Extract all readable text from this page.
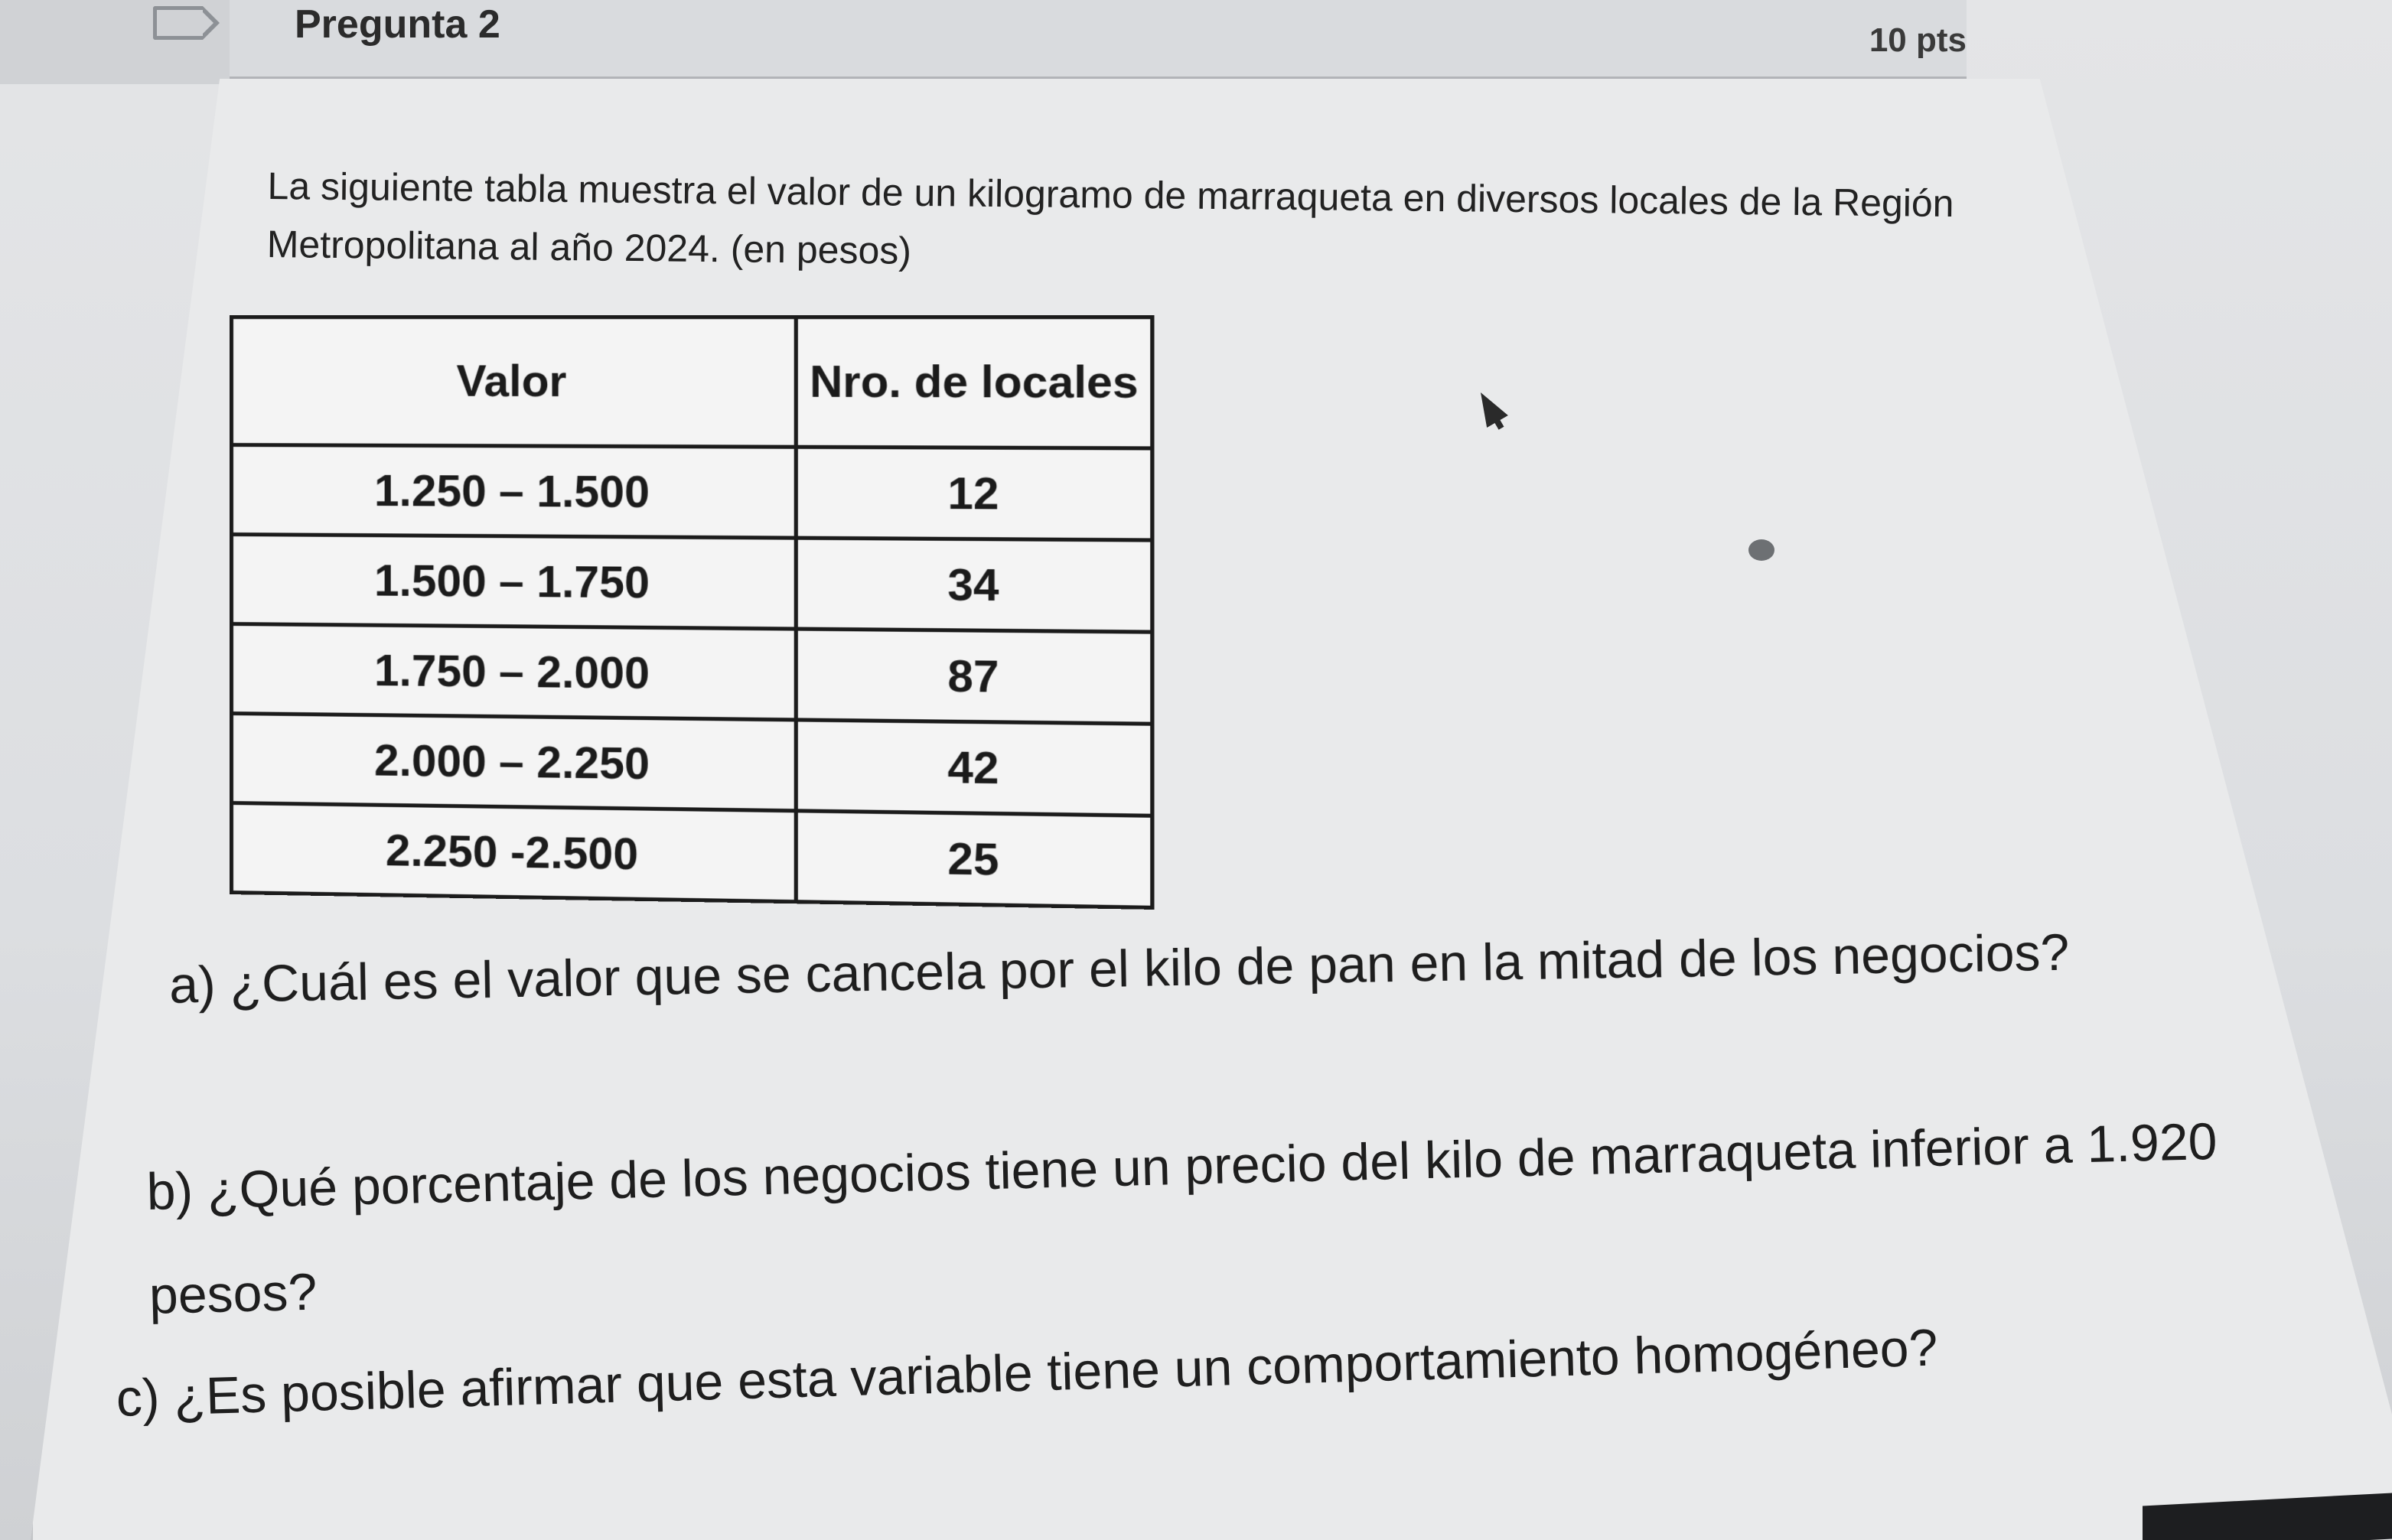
Pregunta 2	10 pts
La siguiente tabla muestra el valor de un kilogramo de marraqueta en diversos locales de la Región Metropolitana al año 2024. (en pesos)
Valor	Nro. de locales
1.250 – 1.500	12
1.500 – 1.750	34
1.750 – 2.000	87
2.000 – 2.250	42
2.250 -2.500	25
a) ¿Cuál es el valor que se cancela por el kilo de pan en la mitad de los negocios?
b) ¿Qué porcentaje de los negocios tiene un precio del kilo de marraqueta inferior a 1.920 pesos?
c) ¿Es posible afirmar que esta variable tiene un comportamiento homogéneo?
